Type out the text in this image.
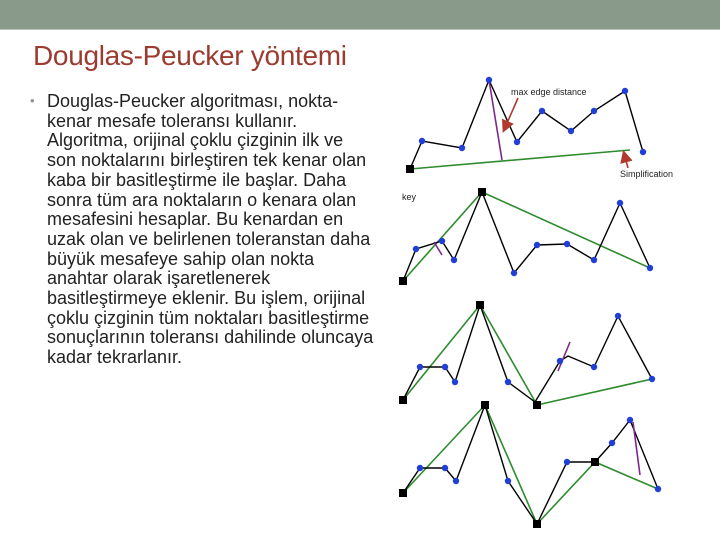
Douglas-Peucker yöntemi
• Douglas-Peucker algoritması, nokta-kenar mesafe toleransı kullanır. Algoritma, orijinal çoklu çizginin ilk ve son noktalarını birleştiren tek kenar olan kaba bir basitleştirme ile başlar. Daha sonra tüm ara noktaların o kenara olan mesafesini hesaplar. Bu kenardan en uzak olan ve belirlenen toleranstan daha büyük mesafeye sahip olan nokta anahtar olarak işaretlenerek basitleştirmeye eklenir. Bu işlem, orijinal çoklu çizginin tüm noktaları basitleştirme sonuçlarının toleransı dahilinde oluncaya kadar tekrarlanır.
max edge distance
Simplification
key
